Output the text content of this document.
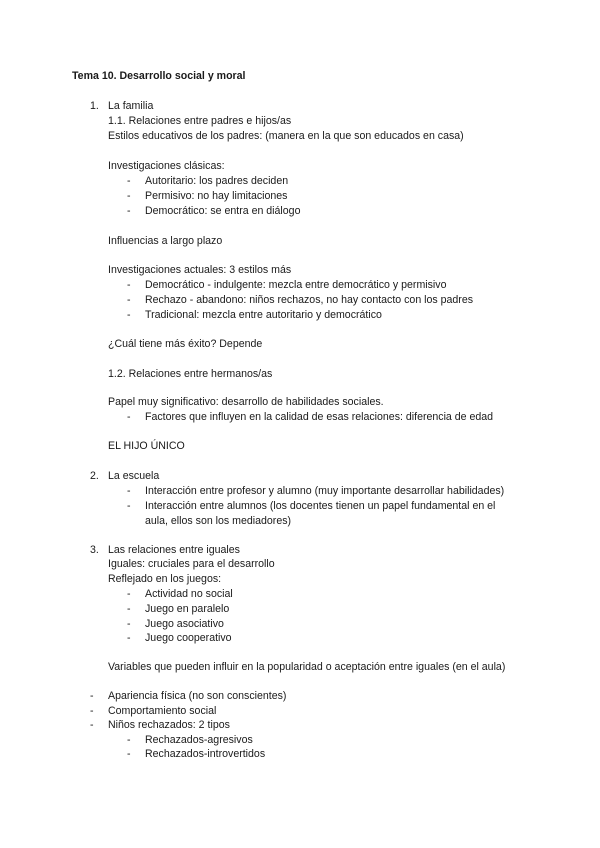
Tema 10. Desarrollo social y moral
1. La familia
1.1. Relaciones entre padres e hijos/as
Estilos educativos de los padres: (manera en la que son educados en casa)
Investigaciones clásicas:
- Autoritario: los padres deciden
- Permisivo: no hay limitaciones
- Democrático: se entra en diálogo
Influencias a largo plazo
Investigaciones actuales: 3 estilos más
- Democrático - indulgente: mezcla entre democrático y permisivo
- Rechazo - abandono: niños rechazos, no hay contacto con los padres
- Tradicional: mezcla entre autoritario y democrático
¿Cuál tiene más éxito? Depende
1.2. Relaciones entre hermanos/as
Papel muy significativo: desarrollo de habilidades sociales.
- Factores que influyen en la calidad de esas relaciones: diferencia de edad
EL HIJO ÚNICO
2. La escuela
- Interacción entre profesor y alumno (muy importante desarrollar habilidades)
- Interacción entre alumnos (los docentes tienen un papel fundamental en el
aula, ellos son los mediadores)
3. Las relaciones entre iguales
Iguales: cruciales para el desarrollo
Reflejado en los juegos:
- Actividad no social
- Juego en paralelo
- Juego asociativo
- Juego cooperativo
Variables que pueden influir en la popularidad o aceptación entre iguales (en el aula)
- Apariencia física (no son conscientes)
- Comportamiento social
- Niños rechazados: 2 tipos
- Rechazados-agresivos
- Rechazados-introvertidos
